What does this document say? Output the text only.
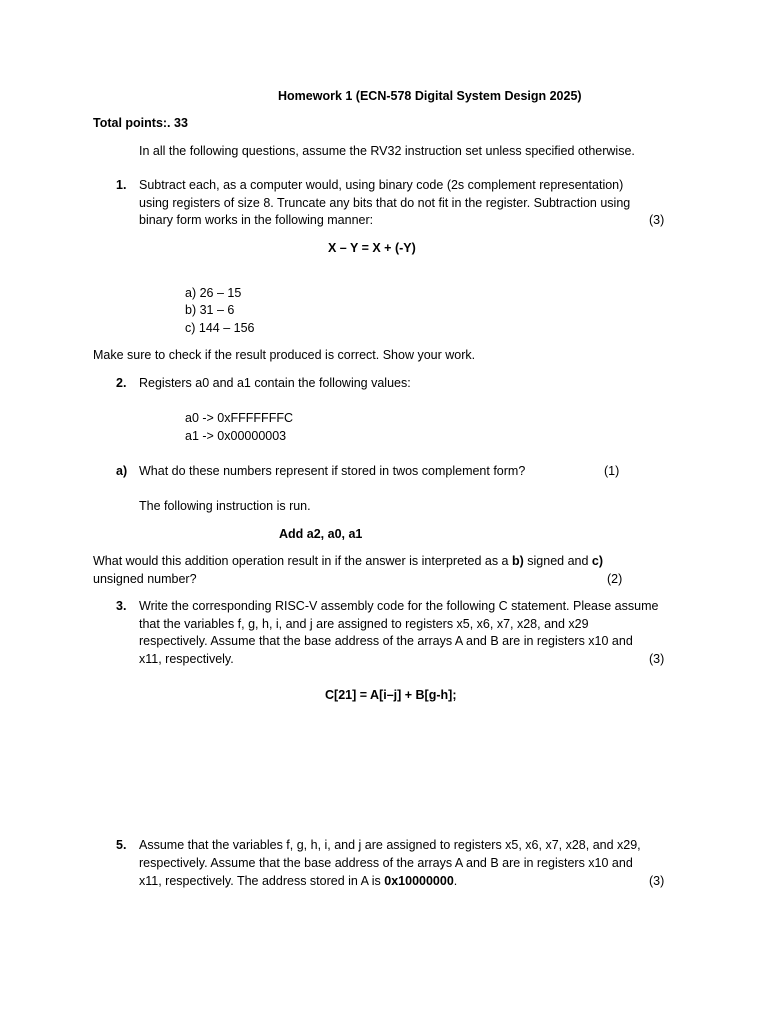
Homework 1 (ECN-578 Digital System Design 2025)
Total points:. 33
In all the following questions, assume the RV32 instruction set unless specified otherwise.
1. Subtract each, as a computer would, using binary code (2s complement representation)
using registers of size 8. Truncate any bits that do not fit in the register. Subtraction using
binary form works in the following manner:	(3)
X – Y = X + (-Y)
a) 26 – 15
b) 31 – 6
c) 144 – 156
Make sure to check if the result produced is correct. Show your work.
2. Registers a0 and a1 contain the following values:
a0 -> 0xFFFFFFFC
a1 -> 0x00000003
a) What do these numbers represent if stored in twos complement form?	(1)
The following instruction is run.
Add a2, a0, a1
What would this addition operation result in if the answer is interpreted as a b) signed and c)
unsigned number?	(2)
3. Write the corresponding RISC-V assembly code for the following C statement. Please assume
that the variables f, g, h, i, and j are assigned to registers x5, x6, x7, x28, and x29
respectively. Assume that the base address of the arrays A and B are in registers x10 and
x11, respectively.	(3)
C[21] = A[i–j] + B[g-h];
5. Assume that the variables f, g, h, i, and j are assigned to registers x5, x6, x7, x28, and x29,
respectively. Assume that the base address of the arrays A and B are in registers x10 and
x11, respectively. The address stored in A is 0x10000000.	(3)
